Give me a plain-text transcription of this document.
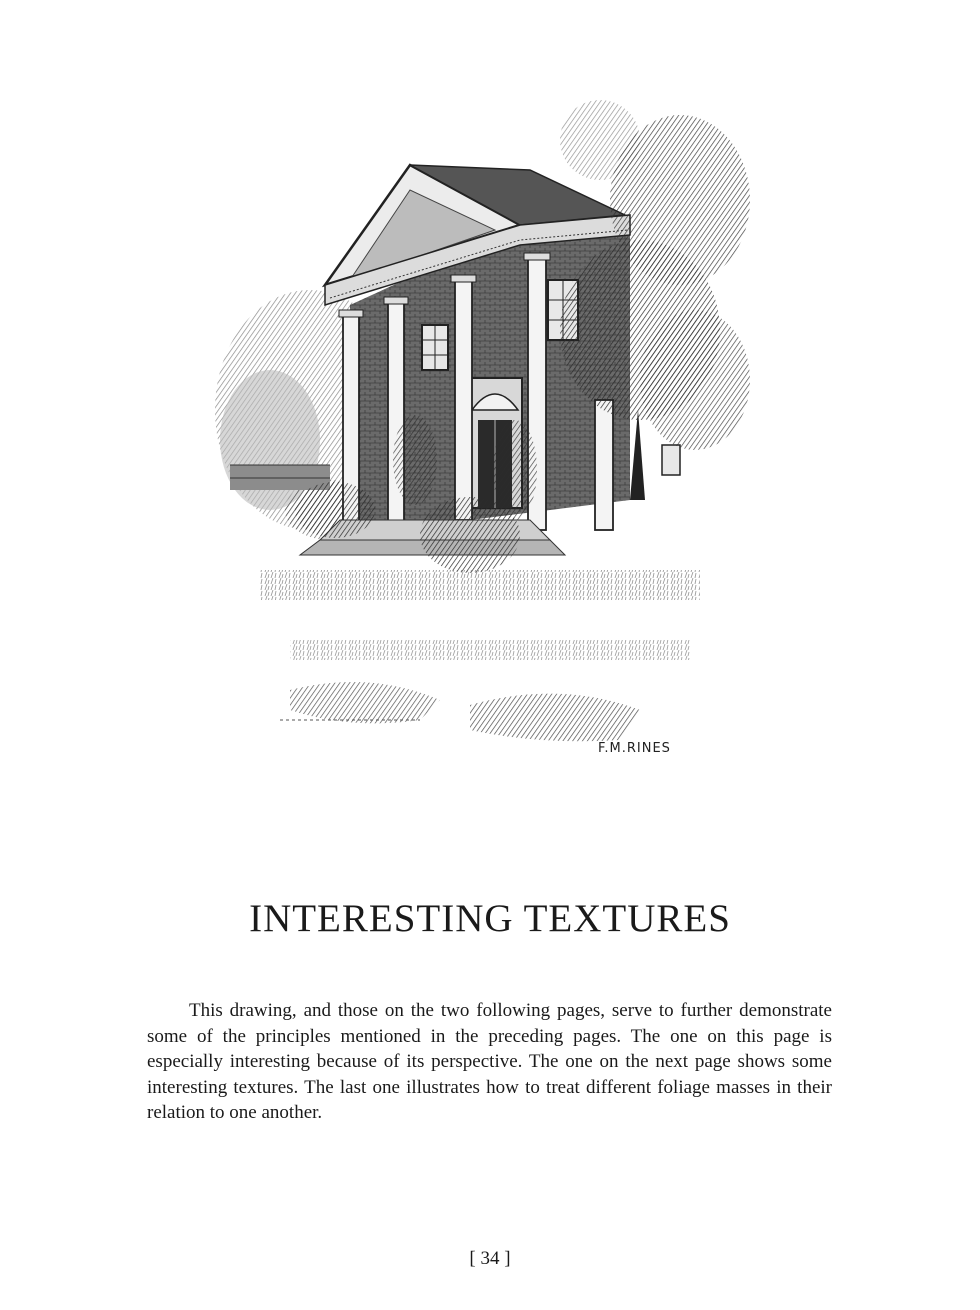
F.M.RINES
INTERESTING TEXTURES

This drawing, and those on the two following pages, serve to further demonstrate some of the principles mentioned in the preceding pages. The one on this page is especially interesting because of its perspective. The one on the next page shows some interesting textures. The last one illustrates how to treat different foliage masses in their relation to one another.

[ 34 ]
